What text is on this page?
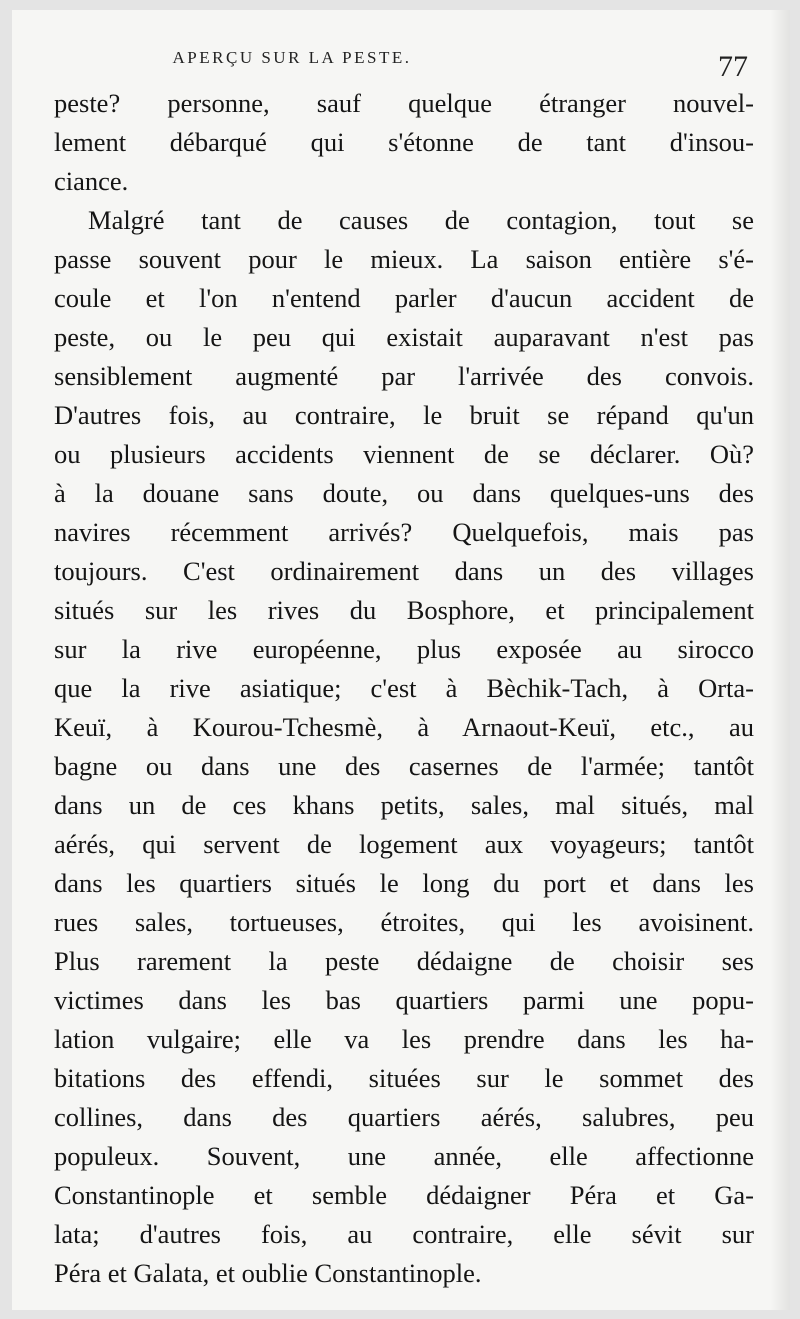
APERÇU SUR LA PESTE.	77
peste? personne, sauf quelque étranger nouvel-
lement débarqué qui s'étonne de tant d'insou-
ciance.
Malgré tant de causes de contagion, tout se
passe souvent pour le mieux. La saison entière s'é-
coule et l'on n'entend parler d'aucun accident de
peste, ou le peu qui existait auparavant n'est pas
sensiblement augmenté par l'arrivée des convois.
D'autres fois, au contraire, le bruit se répand qu'un
ou plusieurs accidents viennent de se déclarer. Où?
à la douane sans doute, ou dans quelques-uns des
navires récemment arrivés? Quelquefois, mais pas
toujours. C'est ordinairement dans un des villages
situés sur les rives du Bosphore, et principalement
sur la rive européenne, plus exposée au sirocco
que la rive asiatique; c'est à Bèchik-Tach, à Orta-
Keuï, à Kourou-Tchesmè, à Arnaout-Keuï, etc., au
bagne ou dans une des casernes de l'armée; tantôt
dans un de ces khans petits, sales, mal situés, mal
aérés, qui servent de logement aux voyageurs; tantôt
dans les quartiers situés le long du port et dans les
rues sales, tortueuses, étroites, qui les avoisinent.
Plus rarement la peste dédaigne de choisir ses
victimes dans les bas quartiers parmi une popu-
lation vulgaire; elle va les prendre dans les ha-
bitations des effendi, situées sur le sommet des
collines, dans des quartiers aérés, salubres, peu
populeux. Souvent, une année, elle affectionne
Constantinople et semble dédaigner Péra et Ga-
lata; d'autres fois, au contraire, elle sévit sur
Péra et Galata, et oublie Constantinople.
